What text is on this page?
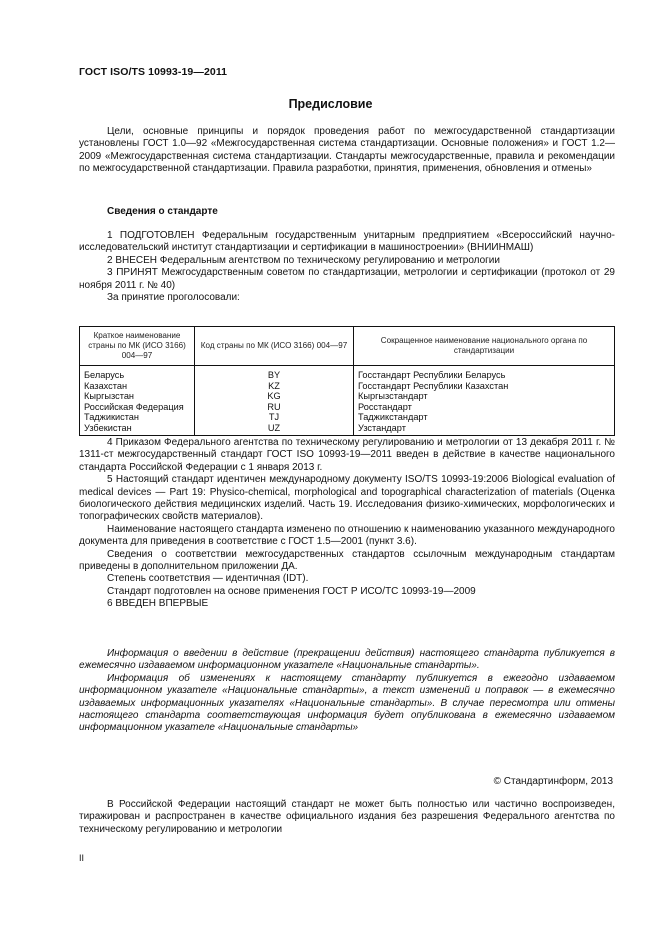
ГОСТ ISO/TS 10993-19—2011
Предисловие

Цели, основные принципы и порядок проведения работ по межгосударственной стандартизации установлены ГОСТ 1.0—92 «Межгосударственная система стандартизации. Основные положения» и ГОСТ 1.2—2009 «Межгосударственная система стандартизации. Стандарты межгосударственные, правила и рекомендации по межгосударственной стандартизации. Правила разработки, принятия, применения, обновления и отмены»

Сведения о стандарте

1 ПОДГОТОВЛЕН Федеральным государственным унитарным предприятием «Всероссийский научно-исследовательский институт стандартизации и сертификации в машиностроении» (ВНИИНМАШ)

2 ВНЕСЕН Федеральным агентством по техническому регулированию и метрологии

3 ПРИНЯТ Межгосударственным советом по стандартизации, метрологии и сертификации (протокол от 29 ноября 2011 г. № 40)

За принятие проголосовали:

Краткое наименование страны по МК (ИСО 3166) 004—97	Код страны по МК (ИСО 3166) 004—97	Сокращенное наименование национального органа по стандартизации
Беларусь	BY	Госстандарт Республики Беларусь
Казахстан	KZ	Госстандарт Республики Казахстан
Кыргызстан	KG	Кыргызстандарт
Российская Федерация	RU	Росстандарт
Таджикистан	TJ	Таджикстандарт
Узбекистан	UZ	Узстандарт

4 Приказом Федерального агентства по техническому регулированию и метрологии от 13 декабря 2011 г. № 1311-ст межгосударственный стандарт ГОСТ ISO 10993-19—2011 введен в действие в качестве национального стандарта Российской Федерации с 1 января 2013 г.

5 Настоящий стандарт идентичен международному документу ISO/TS 10993-19:2006 Biological evaluation of medical devices — Part 19: Physico-chemical, morphological and topographical characterization of materials (Оценка биологического действия медицинских изделий. Часть 19. Исследования физико-химических, морфологических и топографических свойств материалов).

Наименование настоящего стандарта изменено по отношению к наименованию указанного международного документа для приведения в соответствие с ГОСТ 1.5—2001 (пункт 3.6).

Сведения о соответствии межгосударственных стандартов ссылочным международным стандартам приведены в дополнительном приложении ДА.

Степень соответствия — идентичная (IDT).

Стандарт подготовлен на основе применения ГОСТ Р ИСО/ТС 10993-19—2009

6 ВВЕДЕН ВПЕРВЫЕ

Информация о введении в действие (прекращении действия) настоящего стандарта публикуется в ежемесячно издаваемом информационном указателе «Национальные стандарты».

Информация об изменениях к настоящему стандарту публикуется в ежегодно издаваемом информационном указателе «Национальные стандарты», а текст изменений и поправок — в ежемесячно издаваемых информационных указателях «Национальные стандарты». В случае пересмотра или отмены настоящего стандарта соответствующая информация будет опубликована в ежемесячно издаваемом информационном указателе «Национальные стандарты»

© Стандартинформ, 2013

В Российской Федерации настоящий стандарт не может быть полностью или частично воспроизведен, тиражирован и распространен в качестве официального издания без разрешения Федерального агентства по техническому регулированию и метрологии

II
